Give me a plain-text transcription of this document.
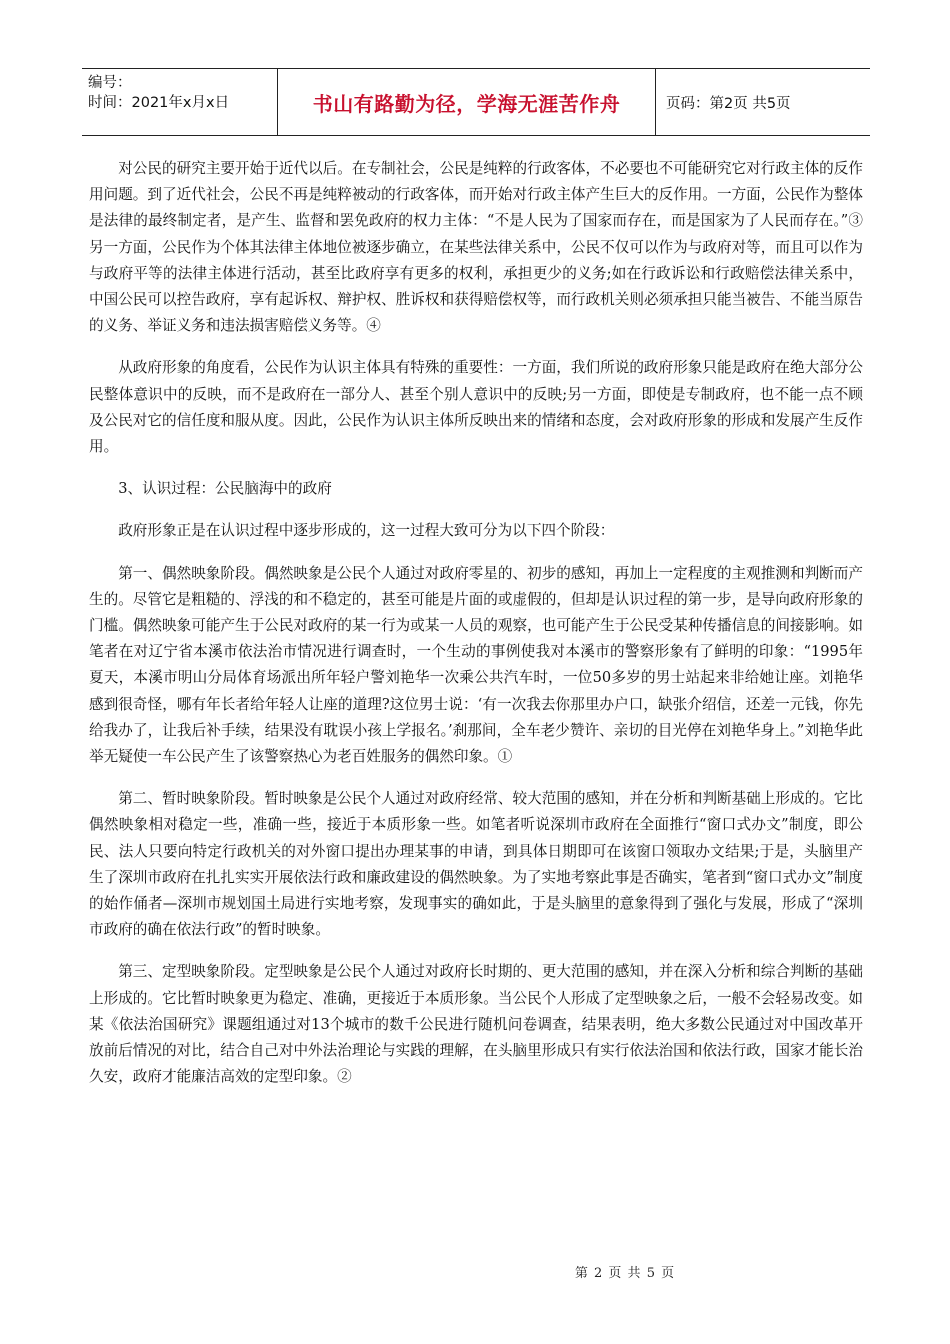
编号：
时间：2021年x月x日	书山有路勤为径，学海无涯苦作舟	页码：第2页 共5页

对公民的研究主要开始于近代以后。在专制社会，公民是纯粹的行政客体，不必要也不可能研究它对行政主体的反作用问题。到了近代社会，公民不再是纯粹被动的行政客体，而开始对行政主体产生巨大的反作用。一方面，公民作为整体是法律的最终制定者，是产生、监督和罢免政府的权力主体：“不是人民为了国家而存在，而是国家为了人民而存在。”③另一方面，公民作为个体其法律主体地位被逐步确立，在某些法律关系中，公民不仅可以作为与政府对等，而且可以作为与政府平等的法律主体进行活动，甚至比政府享有更多的权利，承担更少的义务;如在行政诉讼和行政赔偿法律关系中，中国公民可以控告政府，享有起诉权、辩护权、胜诉权和获得赔偿权等，而行政机关则必须承担只能当被告、不能当原告的义务、举证义务和违法损害赔偿义务等。④

从政府形象的角度看，公民作为认识主体具有特殊的重要性：一方面，我们所说的政府形象只能是政府在绝大部分公民整体意识中的反映，而不是政府在一部分人、甚至个别人意识中的反映;另一方面，即使是专制政府，也不能一点不顾及公民对它的信任度和服从度。因此，公民作为认识主体所反映出来的情绪和态度，会对政府形象的形成和发展产生反作用。

3、认识过程：公民脑海中的政府

政府形象正是在认识过程中逐步形成的，这一过程大致可分为以下四个阶段：

第一、偶然映象阶段。偶然映象是公民个人通过对政府零星的、初步的感知，再加上一定程度的主观推测和判断而产生的。尽管它是粗糙的、浮浅的和不稳定的，甚至可能是片面的或虚假的，但却是认识过程的第一步，是导向政府形象的门槛。偶然映象可能产生于公民对政府的某一行为或某一人员的观察，也可能产生于公民受某种传播信息的间接影响。如笔者在对辽宁省本溪市依法治市情况进行调查时，一个生动的事例使我对本溪市的警察形象有了鲜明的印象：“1995年夏天，本溪市明山分局体育场派出所年轻户警刘艳华一次乘公共汽车时，一位50多岁的男士站起来非给她让座。刘艳华感到很奇怪，哪有年长者给年轻人让座的道理?这位男士说：‘有一次我去你那里办户口，缺张介绍信，还差一元钱，你先给我办了，让我后补手续，结果没有耽误小孩上学报名。’刹那间，全车老少赞许、亲切的目光停在刘艳华身上。”刘艳华此举无疑使一车公民产生了该警察热心为老百姓服务的偶然印象。①

第二、暂时映象阶段。暂时映象是公民个人通过对政府经常、较大范围的感知，并在分析和判断基础上形成的。它比偶然映象相对稳定一些，准确一些，接近于本质形象一些。如笔者听说深圳市政府在全面推行“窗口式办文”制度，即公民、法人只要向特定行政机关的对外窗口提出办理某事的申请，到具体日期即可在该窗口领取办文结果;于是，头脑里产生了深圳市政府在扎扎实实开展依法行政和廉政建设的偶然映象。为了实地考察此事是否确实，笔者到“窗口式办文”制度的始作俑者—深圳市规划国土局进行实地考察，发现事实的确如此，于是头脑里的意象得到了强化与发展，形成了“深圳市政府的确在依法行政”的暂时映象。

第三、定型映象阶段。定型映象是公民个人通过对政府长时期的、更大范围的感知，并在深入分析和综合判断的基础上形成的。它比暂时映象更为稳定、准确，更接近于本质形象。当公民个人形成了定型映象之后，一般不会轻易改变。如某《依法治国研究》课题组通过对13个城市的数千公民进行随机问卷调查，结果表明，绝大多数公民通过对中国改革开放前后情况的对比，结合自己对中外法治理论与实践的理解，在头脑里形成只有实行依法治国和依法行政，国家才能长治久安，政府才能廉洁高效的定型印象。②

第 2 页 共 5 页
